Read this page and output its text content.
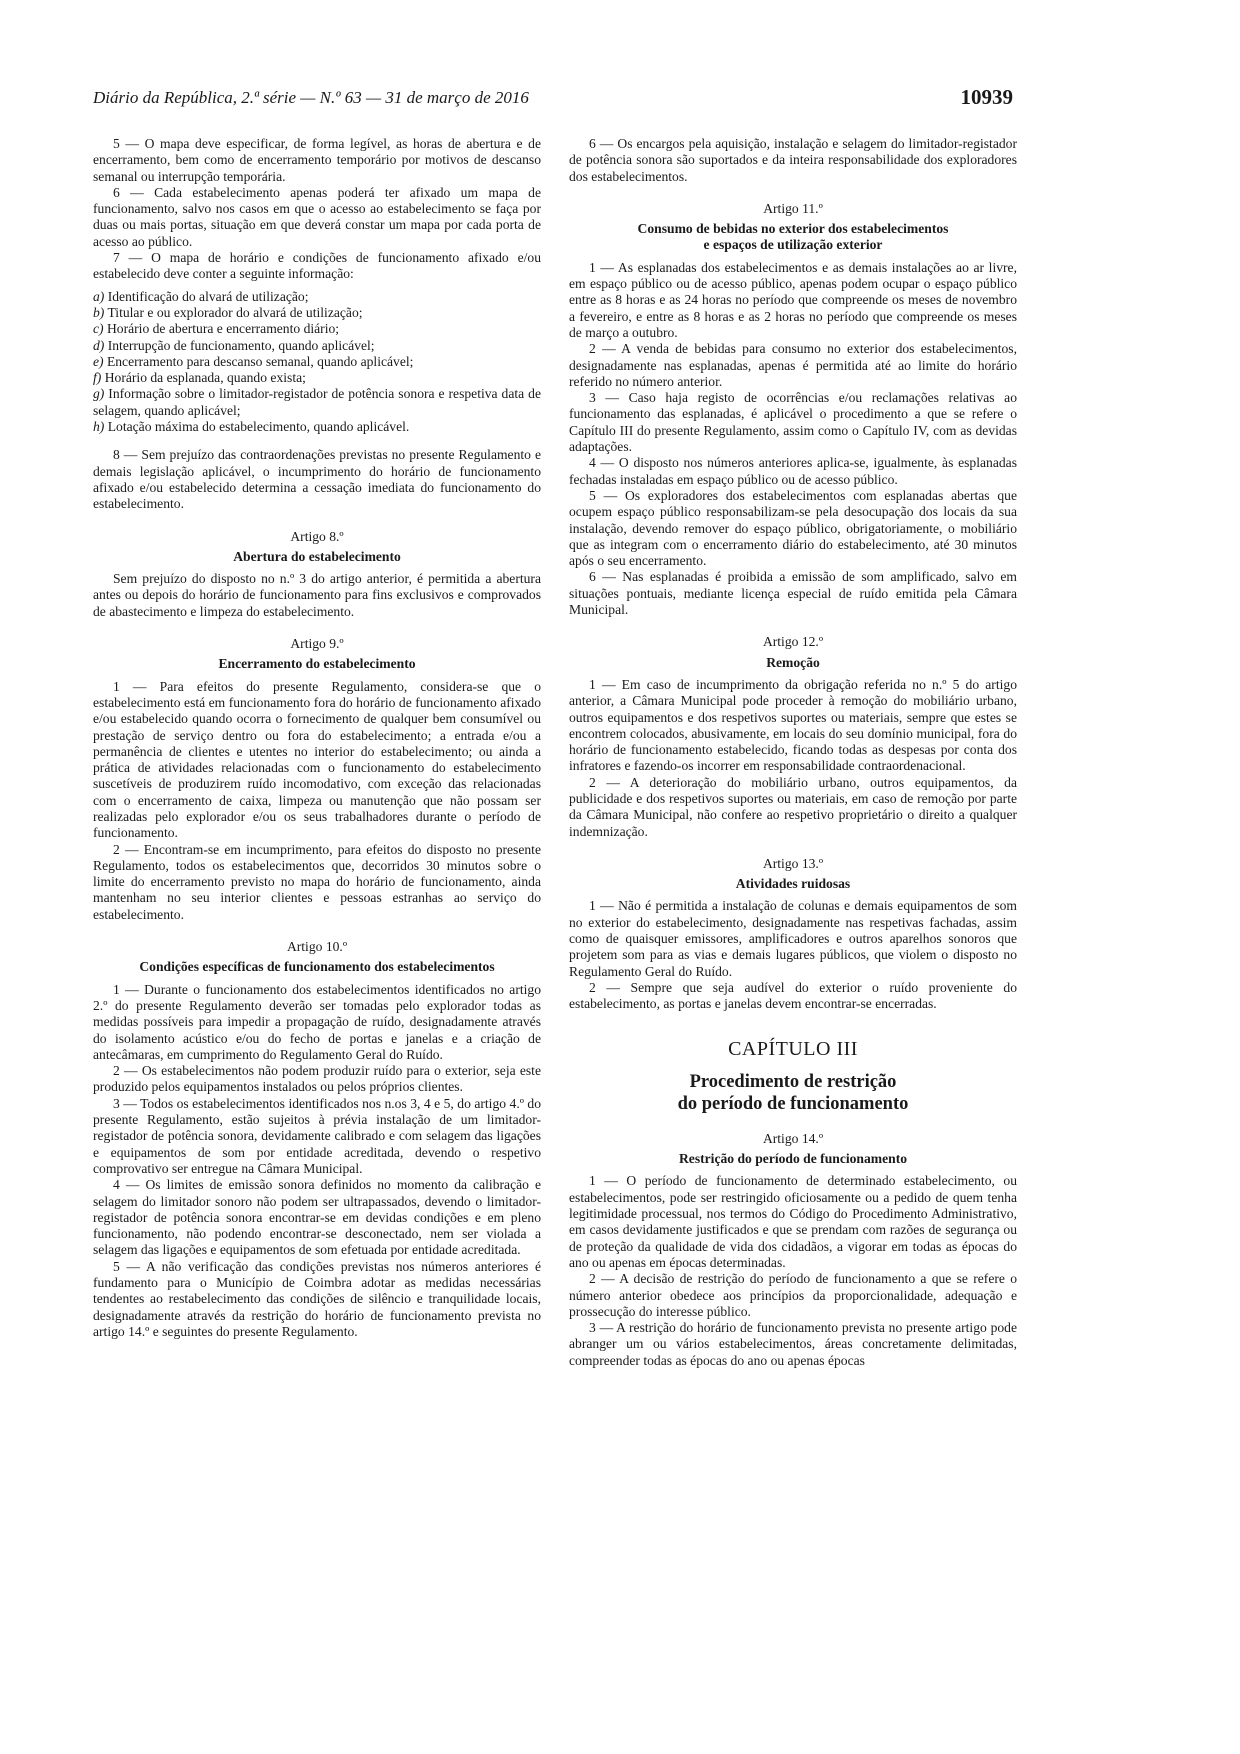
Diário da República, 2.ª série — N.º 63 — 31 de março de 2016	10939

5 — O mapa deve especificar, de forma legível, as horas de abertura e de encerramento, bem como de encerramento temporário por motivos de descanso semanal ou interrupção temporária.

6 — Cada estabelecimento apenas poderá ter afixado um mapa de funcionamento, salvo nos casos em que o acesso ao estabelecimento se faça por duas ou mais portas, situação em que deverá constar um mapa por cada porta de acesso ao público.

7 — O mapa de horário e condições de funcionamento afixado e/ou estabelecido deve conter a seguinte informação:

a) Identificação do alvará de utilização;

b) Titular e ou explorador do alvará de utilização;

c) Horário de abertura e encerramento diário;

d) Interrupção de funcionamento, quando aplicável;

e) Encerramento para descanso semanal, quando aplicável;

f) Horário da esplanada, quando exista;

g) Informação sobre o limitador-registador de potência sonora e respetiva data de selagem, quando aplicável;

h) Lotação máxima do estabelecimento, quando aplicável.

8 — Sem prejuízo das contraordenações previstas no presente Regulamento e demais legislação aplicável, o incumprimento do horário de funcionamento afixado e/ou estabelecido determina a cessação imediata do funcionamento do estabelecimento.

Artigo 8.º
Abertura do estabelecimento

Sem prejuízo do disposto no n.º 3 do artigo anterior, é permitida a abertura antes ou depois do horário de funcionamento para fins exclusivos e comprovados de abastecimento e limpeza do estabelecimento.

Artigo 9.º
Encerramento do estabelecimento

1 — Para efeitos do presente Regulamento, considera-se que o estabelecimento está em funcionamento fora do horário de funcionamento afixado e/ou estabelecido quando ocorra o fornecimento de qualquer bem consumível ou prestação de serviço dentro ou fora do estabelecimento; a entrada e/ou a permanência de clientes e utentes no interior do estabelecimento; ou ainda a prática de atividades relacionadas com o funcionamento do estabelecimento suscetíveis de produzirem ruído incomodativo, com exceção das relacionadas com o encerramento de caixa, limpeza ou manutenção que não possam ser realizadas pelo explorador e/ou os seus trabalhadores durante o período de funcionamento.

2 — Encontram-se em incumprimento, para efeitos do disposto no presente Regulamento, todos os estabelecimentos que, decorridos 30 minutos sobre o limite do encerramento previsto no mapa do horário de funcionamento, ainda mantenham no seu interior clientes e pessoas estranhas ao serviço do estabelecimento.

Artigo 10.º
Condições específicas de funcionamento dos estabelecimentos

1 — Durante o funcionamento dos estabelecimentos identificados no artigo 2.º do presente Regulamento deverão ser tomadas pelo explorador todas as medidas possíveis para impedir a propagação de ruído, designadamente através do isolamento acústico e/ou do fecho de portas e janelas e a criação de antecâmaras, em cumprimento do Regulamento Geral do Ruído.

2 — Os estabelecimentos não podem produzir ruído para o exterior, seja este produzido pelos equipamentos instalados ou pelos próprios clientes.

3 — Todos os estabelecimentos identificados nos n.os 3, 4 e 5, do artigo 4.º do presente Regulamento, estão sujeitos à prévia instalação de um limitador-registador de potência sonora, devidamente calibrado e com selagem das ligações e equipamentos de som por entidade acreditada, devendo o respetivo comprovativo ser entregue na Câmara Municipal.

4 — Os limites de emissão sonora definidos no momento da calibração e selagem do limitador sonoro não podem ser ultrapassados, devendo o limitador-registador de potência sonora encontrar-se em devidas condições e em pleno funcionamento, não podendo encontrar-se desconectado, nem ser violada a selagem das ligações e equipamentos de som efetuada por entidade acreditada.

5 — A não verificação das condições previstas nos números anteriores é fundamento para o Município de Coimbra adotar as medidas necessárias tendentes ao restabelecimento das condições de silêncio e tranquilidade locais, designadamente através da restrição do horário de funcionamento prevista no artigo 14.º e seguintes do presente Regulamento.

6 — Os encargos pela aquisição, instalação e selagem do limitador-registador de potência sonora são suportados e da inteira responsabilidade dos exploradores dos estabelecimentos.

Artigo 11.º
Consumo de bebidas no exterior dos estabelecimentos
e espaços de utilização exterior

1 — As esplanadas dos estabelecimentos e as demais instalações ao ar livre, em espaço público ou de acesso público, apenas podem ocupar o espaço público entre as 8 horas e as 24 horas no período que compreende os meses de novembro a fevereiro, e entre as 8 horas e as 2 horas no período que compreende os meses de março a outubro.

2 — A venda de bebidas para consumo no exterior dos estabelecimentos, designadamente nas esplanadas, apenas é permitida até ao limite do horário referido no número anterior.

3 — Caso haja registo de ocorrências e/ou reclamações relativas ao funcionamento das esplanadas, é aplicável o procedimento a que se refere o Capítulo III do presente Regulamento, assim como o Capítulo IV, com as devidas adaptações.

4 — O disposto nos números anteriores aplica-se, igualmente, às esplanadas fechadas instaladas em espaço público ou de acesso público.

5 — Os exploradores dos estabelecimentos com esplanadas abertas que ocupem espaço público responsabilizam-se pela desocupação dos locais da sua instalação, devendo remover do espaço público, obrigatoriamente, o mobiliário que as integram com o encerramento diário do estabelecimento, até 30 minutos após o seu encerramento.

6 — Nas esplanadas é proibida a emissão de som amplificado, salvo em situações pontuais, mediante licença especial de ruído emitida pela Câmara Municipal.

Artigo 12.º
Remoção

1 — Em caso de incumprimento da obrigação referida no n.º 5 do artigo anterior, a Câmara Municipal pode proceder à remoção do mobiliário urbano, outros equipamentos e dos respetivos suportes ou materiais, sempre que estes se encontrem colocados, abusivamente, em locais do seu domínio municipal, fora do horário de funcionamento estabelecido, ficando todas as despesas por conta dos infratores e fazendo-os incorrer em responsabilidade contraordenacional.

2 — A deterioração do mobiliário urbano, outros equipamentos, da publicidade e dos respetivos suportes ou materiais, em caso de remoção por parte da Câmara Municipal, não confere ao respetivo proprietário o direito a qualquer indemnização.

Artigo 13.º
Atividades ruidosas

1 — Não é permitida a instalação de colunas e demais equipamentos de som no exterior do estabelecimento, designadamente nas respetivas fachadas, assim como de quaisquer emissores, amplificadores e outros aparelhos sonoros que projetem som para as vias e demais lugares públicos, que violem o disposto no Regulamento Geral do Ruído.

2 — Sempre que seja audível do exterior o ruído proveniente do estabelecimento, as portas e janelas devem encontrar-se encerradas.

CAPÍTULO III
Procedimento de restrição
do período de funcionamento
Artigo 14.º
Restrição do período de funcionamento

1 — O período de funcionamento de determinado estabelecimento, ou estabelecimentos, pode ser restringido oficiosamente ou a pedido de quem tenha legitimidade processual, nos termos do Código do Procedimento Administrativo, em casos devidamente justificados e que se prendam com razões de segurança ou de proteção da qualidade de vida dos cidadãos, a vigorar em todas as épocas do ano ou apenas em épocas determinadas.

2 — A decisão de restrição do período de funcionamento a que se refere o número anterior obedece aos princípios da proporcionalidade, adequação e prossecução do interesse público.

3 — A restrição do horário de funcionamento prevista no presente artigo pode abranger um ou vários estabelecimentos, áreas concretamente delimitadas, compreender todas as épocas do ano ou apenas épocas
